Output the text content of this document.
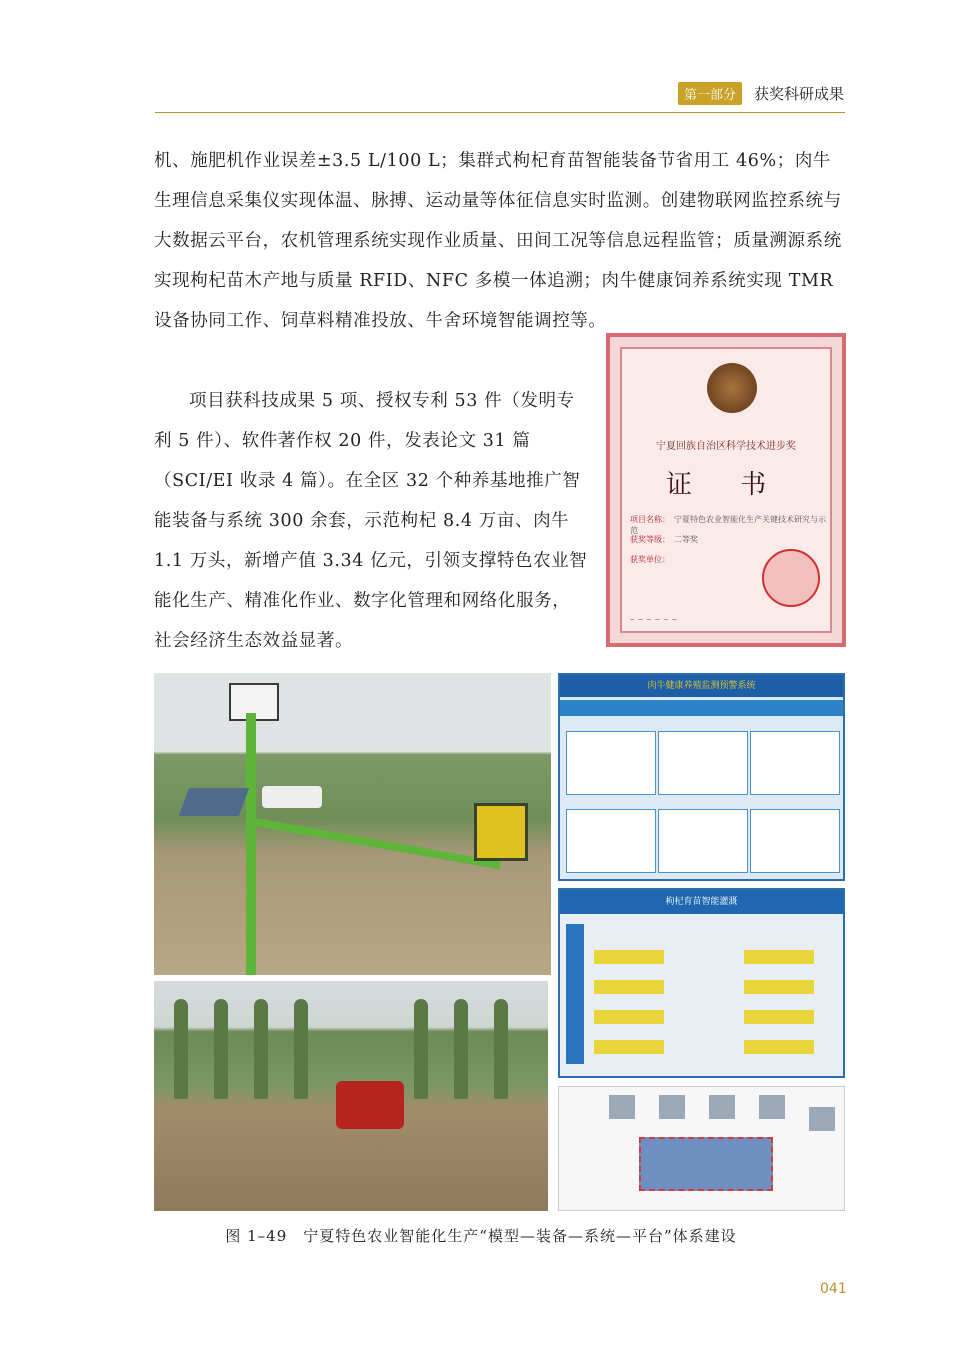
第一部分	获奖科研成果

机、施肥机作业误差±3.5 L/100 L；集群式枸杞育苗智能装备节省用工 46%；肉牛生理信息采集仪实现体温、脉搏、运动量等体征信息实时监测。创建物联网监控系统与大数据云平台，农机管理系统实现作业质量、田间工况等信息远程监管；质量溯源系统实现枸杞苗木产地与质量 RFID、NFC 多模一体追溯；肉牛健康饲养系统实现 TMR 设备协同工作、饲草料精准投放、牛舍环境智能调控等。

项目获科技成果 5 项、授权专利 53 件（发明专利 5 件）、软件著作权 20 件，发表论文 31 篇（SCI/EI 收录 4 篇）。在全区 32 个种养基地推广智能装备与系统 300 余套，示范枸杞 8.4 万亩、肉牛 1.1 万头，新增产值 3.34 亿元，引领支撑特色农业智能化生产、精准化作业、数字化管理和网络化服务，社会经济生态效益显著。

宁夏回族自治区科学技术进步奖
证 书
项目名称： 宁夏特色农业智能化生产关键技术研究与示范
获奖等级： 二等奖
获奖单位：
— — — — — —
肉牛健康养殖监测预警系统
枸杞育苗智能灌溉
图 1–49　宁夏特色农业智能化生产“模型—装备—系统—平台”体系建设
041
